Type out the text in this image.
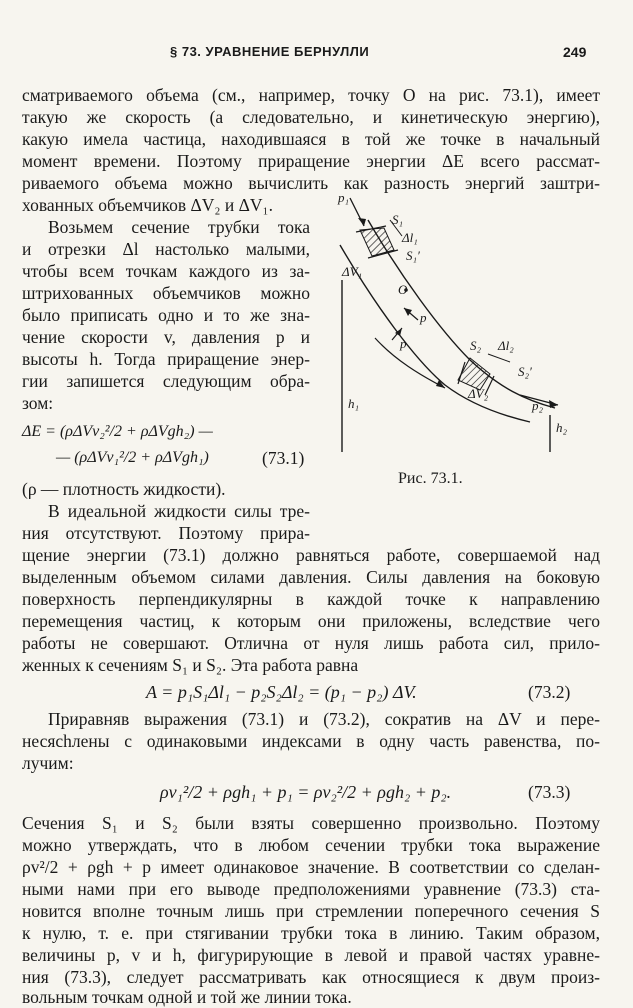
§ 73. УРАВНЕНИЕ БЕРНУЛЛИ	249
сматриваемого объема (см., например, точку O на рис. 73.1), имеет
такую же скорость (а следовательно, и кинетическую энергию),
какую имела частица, находившаяся в той же точке в начальный
момент времени. Поэтому приращение энергии ΔE всего рассмат-
риваемого объема можно вычислить как разность энергий заштри-
хованных объемчиков ΔV₂ и ΔV₁.
Возьмем сечение трубки тока
и отрезки Δl настолько малыми,
чтобы всем точкам каждого из за-
штрихованных объемчиков можно
было приписать одно и то же зна-
чение скорости v, давления p и
высоты h. Тогда приращение энер-
гии запишется следующим обра-
зом:
ΔE = (ρΔVv₂²/2 + ρΔVgh₂) —
— (ρΔVv₁²/2 + ρΔVgh₁)	(73.1)
(ρ — плотность жидкости).
В идеальной жидкости силы тре-
ния отсутствуют. Поэтому прира-
щение энергии (73.1) должно равняться работе, совершаемой над
выделенным объемом силами давления. Силы давления на боковую
поверхность перпендикулярны в каждой точке к направлению
перемещения частиц, к которым они приложены, вследствие чего
работы не совершают. Отлична от нуля лишь работа сил, прило-
женных к сечениям S₁ и S₂. Эта работа равна
A = p₁S₁Δl₁ − p₂S₂Δl₂ = (p₁ − p₂) ΔV.	(73.2)
Приравняв выражения (73.1) и (73.2), сократив на ΔV и пере-
несяchлены с одинаковыми индексами в одну часть равенства, по-
лучим:
ρv₁²/2 + ρgh₁ + p₁ = ρv₂²/2 + ρgh₂ + p₂.	(73.3)
Сечения S₁ и S₂ были взяты совершенно произвольно. Поэтому
можно утверждать, что в любом сечении трубки тока выражение
ρv²/2 + ρgh + p имеет одинаковое значение. В соответствии со сделан-
ными нами при его выводе предположениями уравнение (73.3) ста-
новится вполне точным лишь при стремлении поперечного сечения S
к нулю, т. е. при стягивании трубки тока в линию. Таким образом,
величины p, v и h, фигурирующие в левой и правой частях уравне-
ния (73.3), следует рассматривать как относящиеся к двум произ-
вольным точкам одной и той же линии тока.
p₁
S₁
Δl₁
S₁′
ΔV₁
O
p
p	S₂ Δl₂
S₂′
ΔV₂
p₂
h₁
h₂
Рис. 73.1.
